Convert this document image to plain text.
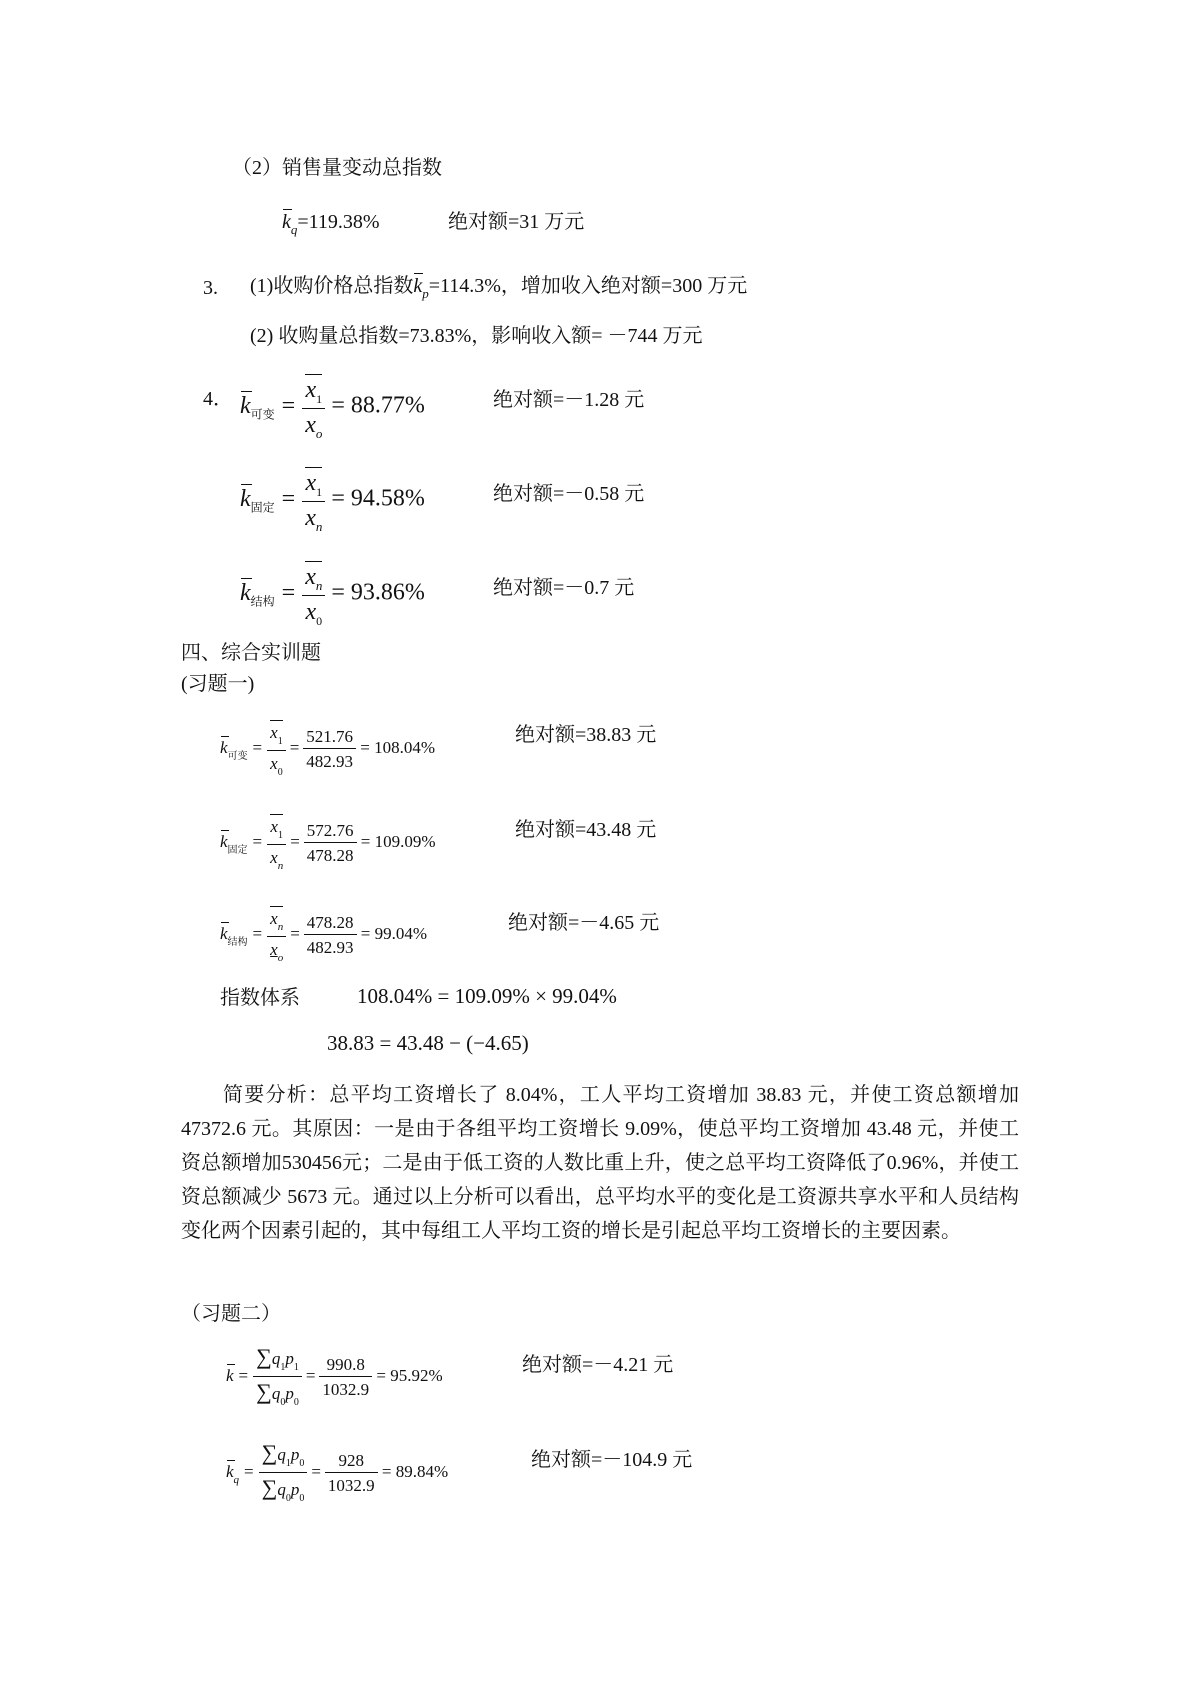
（2）销售量变动总指数
$k_q=119.38\%$	绝对额=31 万元
3. (1)收购价格总指数$k_p=114.3\%$，增加收入绝对额=300 万元
(2) 收购量总指数=73.83%，影响收入额= －744 万元
4． $k_{可变} = \frac{x_1}{x_o} = 88.77\%$	绝对额=－1.28 元
$k_{固定} = \frac{x_1}{x_n} = 94.58\%$	绝对额=－0.58 元
$k_{结构} = \frac{x_n}{x_0} = 93.86\%$	绝对额=－0.7 元
四、综合实训题
(习题一)
$k_{可变} = \frac{x_1}{x_0} = \frac{521.76}{482.93} = 108.04\%$
绝对额=38.83 元
$k_{固定} = \frac{x_1}{x_n} = \frac{572.76}{478.28} = 109.09\%$
绝对额=43.48 元
$k_{结构} = \frac{x_n}{x_o} = \frac{478.28}{482.93} = 99.04\%$	绝对额=－4.65 元
指数体系	108.04% = 109.09% × 99.04%
38.83 = 43.48 − (−4.65)
简要分析：总平均工资增长了 8.04%，工人平均工资增加 38.83 元，并使工资总额增加 47372.6 元。其原因：一是由于各组平均工资增长 9.09%，使总平均工资增加 43.48 元，并使工资总额增加530456元；二是由于低工资的人数比重上升，使之总平均工资降低了0.96%，并使工资总额减少 5673 元。通过以上分析可以看出，总平均水平的变化是工资源共享水平和人员结构变化两个因素引起的，其中每组工人平均工资的增长是引起总平均工资增长的主要因素。
（习题二）
$k = \frac{\sum q_1p_1}{\sum q_0p_0} = \frac{990.8}{1032.9} = 95.92\%$	绝对额=－4.21 元
$k_q = \frac{\sum q_1p_0}{\sum q_0p_0} = \frac{928}{1032.9} = 89.84\%$
绝对额=－104.9 元
